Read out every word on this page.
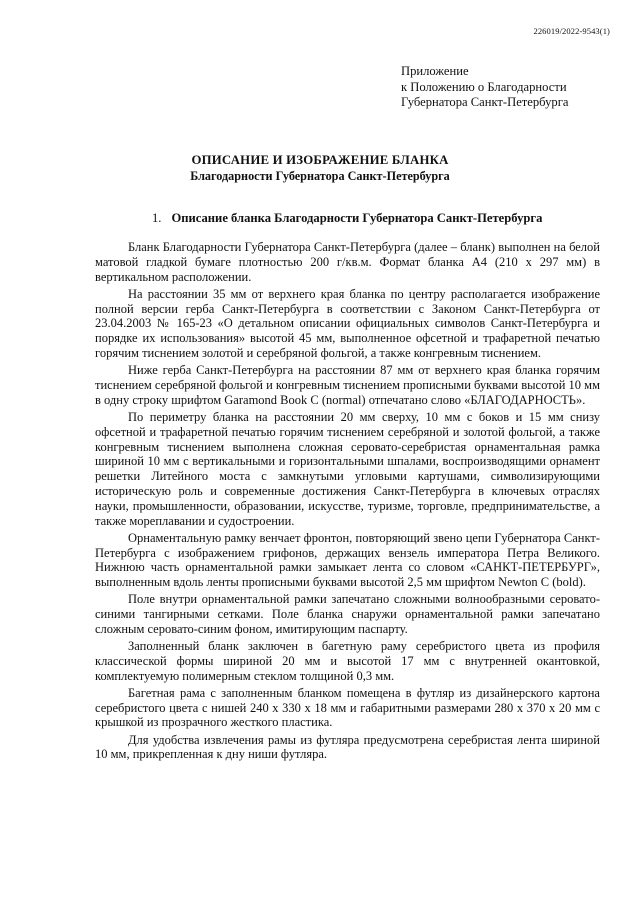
226019/2022-9543(1)
Приложение
к Положению о Благодарности
Губернатора Санкт-Петербурга
ОПИСАНИЕ И ИЗОБРАЖЕНИЕ БЛАНКА
Благодарности Губернатора Санкт-Петербурга
1. Описание бланка Благодарности Губернатора Санкт-Петербурга

Бланк Благодарности Губернатора Санкт-Петербурга (далее – бланк) выполнен на белой матовой гладкой бумаге плотностью 200 г/кв.м. Формат бланка А4 (210 x 297 мм) в вертикальном расположении.

На расстоянии 35 мм от верхнего края бланка по центру располагается изображение полной версии герба Санкт-Петербурга в соответствии с Законом Санкт-Петербурга от 23.04.2003 № 165-23 «О детальном описании официальных символов Санкт-Петербурга и порядке их использования» высотой 45 мм, выполненное офсетной и трафаретной печатью горячим тиснением золотой и серебряной фольгой, а также конгревным тиснением.

Ниже герба Санкт-Петербурга на расстоянии 87 мм от верхнего края бланка горячим тиснением серебряной фольгой и конгревным тиснением прописными буквами высотой 10 мм в одну строку шрифтом Garamond Book C (normal) отпечатано слово «БЛАГОДАРНОСТЬ».

По периметру бланка на расстоянии 20 мм сверху, 10 мм с боков и 15 мм снизу офсетной и трафаретной печатью горячим тиснением серебряной и золотой фольгой, а также конгревным тиснением выполнена сложная серовато-серебристая орнаментальная рамка шириной 10 мм с вертикальными и горизонтальными шпалами, воспроизводящими орнамент решетки Литейного моста с замкнутыми угловыми картушами, символизирующими историческую роль и современные достижения Санкт-Петербурга в ключевых отраслях науки, промышленности, образовании, искусстве, туризме, торговле, предпринимательстве, а также мореплавании и судостроении.

Орнаментальную рамку венчает фронтон, повторяющий звено цепи Губернатора Санкт-Петербурга с изображением грифонов, держащих вензель императора Петра Великого. Нижнюю часть орнаментальной рамки замыкает лента со словом «САНКТ-ПЕТЕРБУРГ», выполненным вдоль ленты прописными буквами высотой 2,5 мм шрифтом Newton C (bold).

Поле внутри орнаментальной рамки запечатано сложными волнообразными серовато-синими тангирными сетками. Поле бланка снаружи орнаментальной рамки запечатано сложным серовато-синим фоном, имитирующим паспарту.

Заполненный бланк заключен в багетную раму серебристого цвета из профиля классической формы шириной 20 мм и высотой 17 мм с внутренней окантовкой, комплектуемую полимерным стеклом толщиной 0,3 мм.

Багетная рама с заполненным бланком помещена в футляр из дизайнерского картона серебристого цвета с нишей 240 x 330 x 18 мм и габаритными размерами 280 x 370 x 20 мм с крышкой из прозрачного жесткого пластика.

Для удобства извлечения рамы из футляра предусмотрена серебристая лента шириной 10 мм, прикрепленная к дну ниши футляра.
